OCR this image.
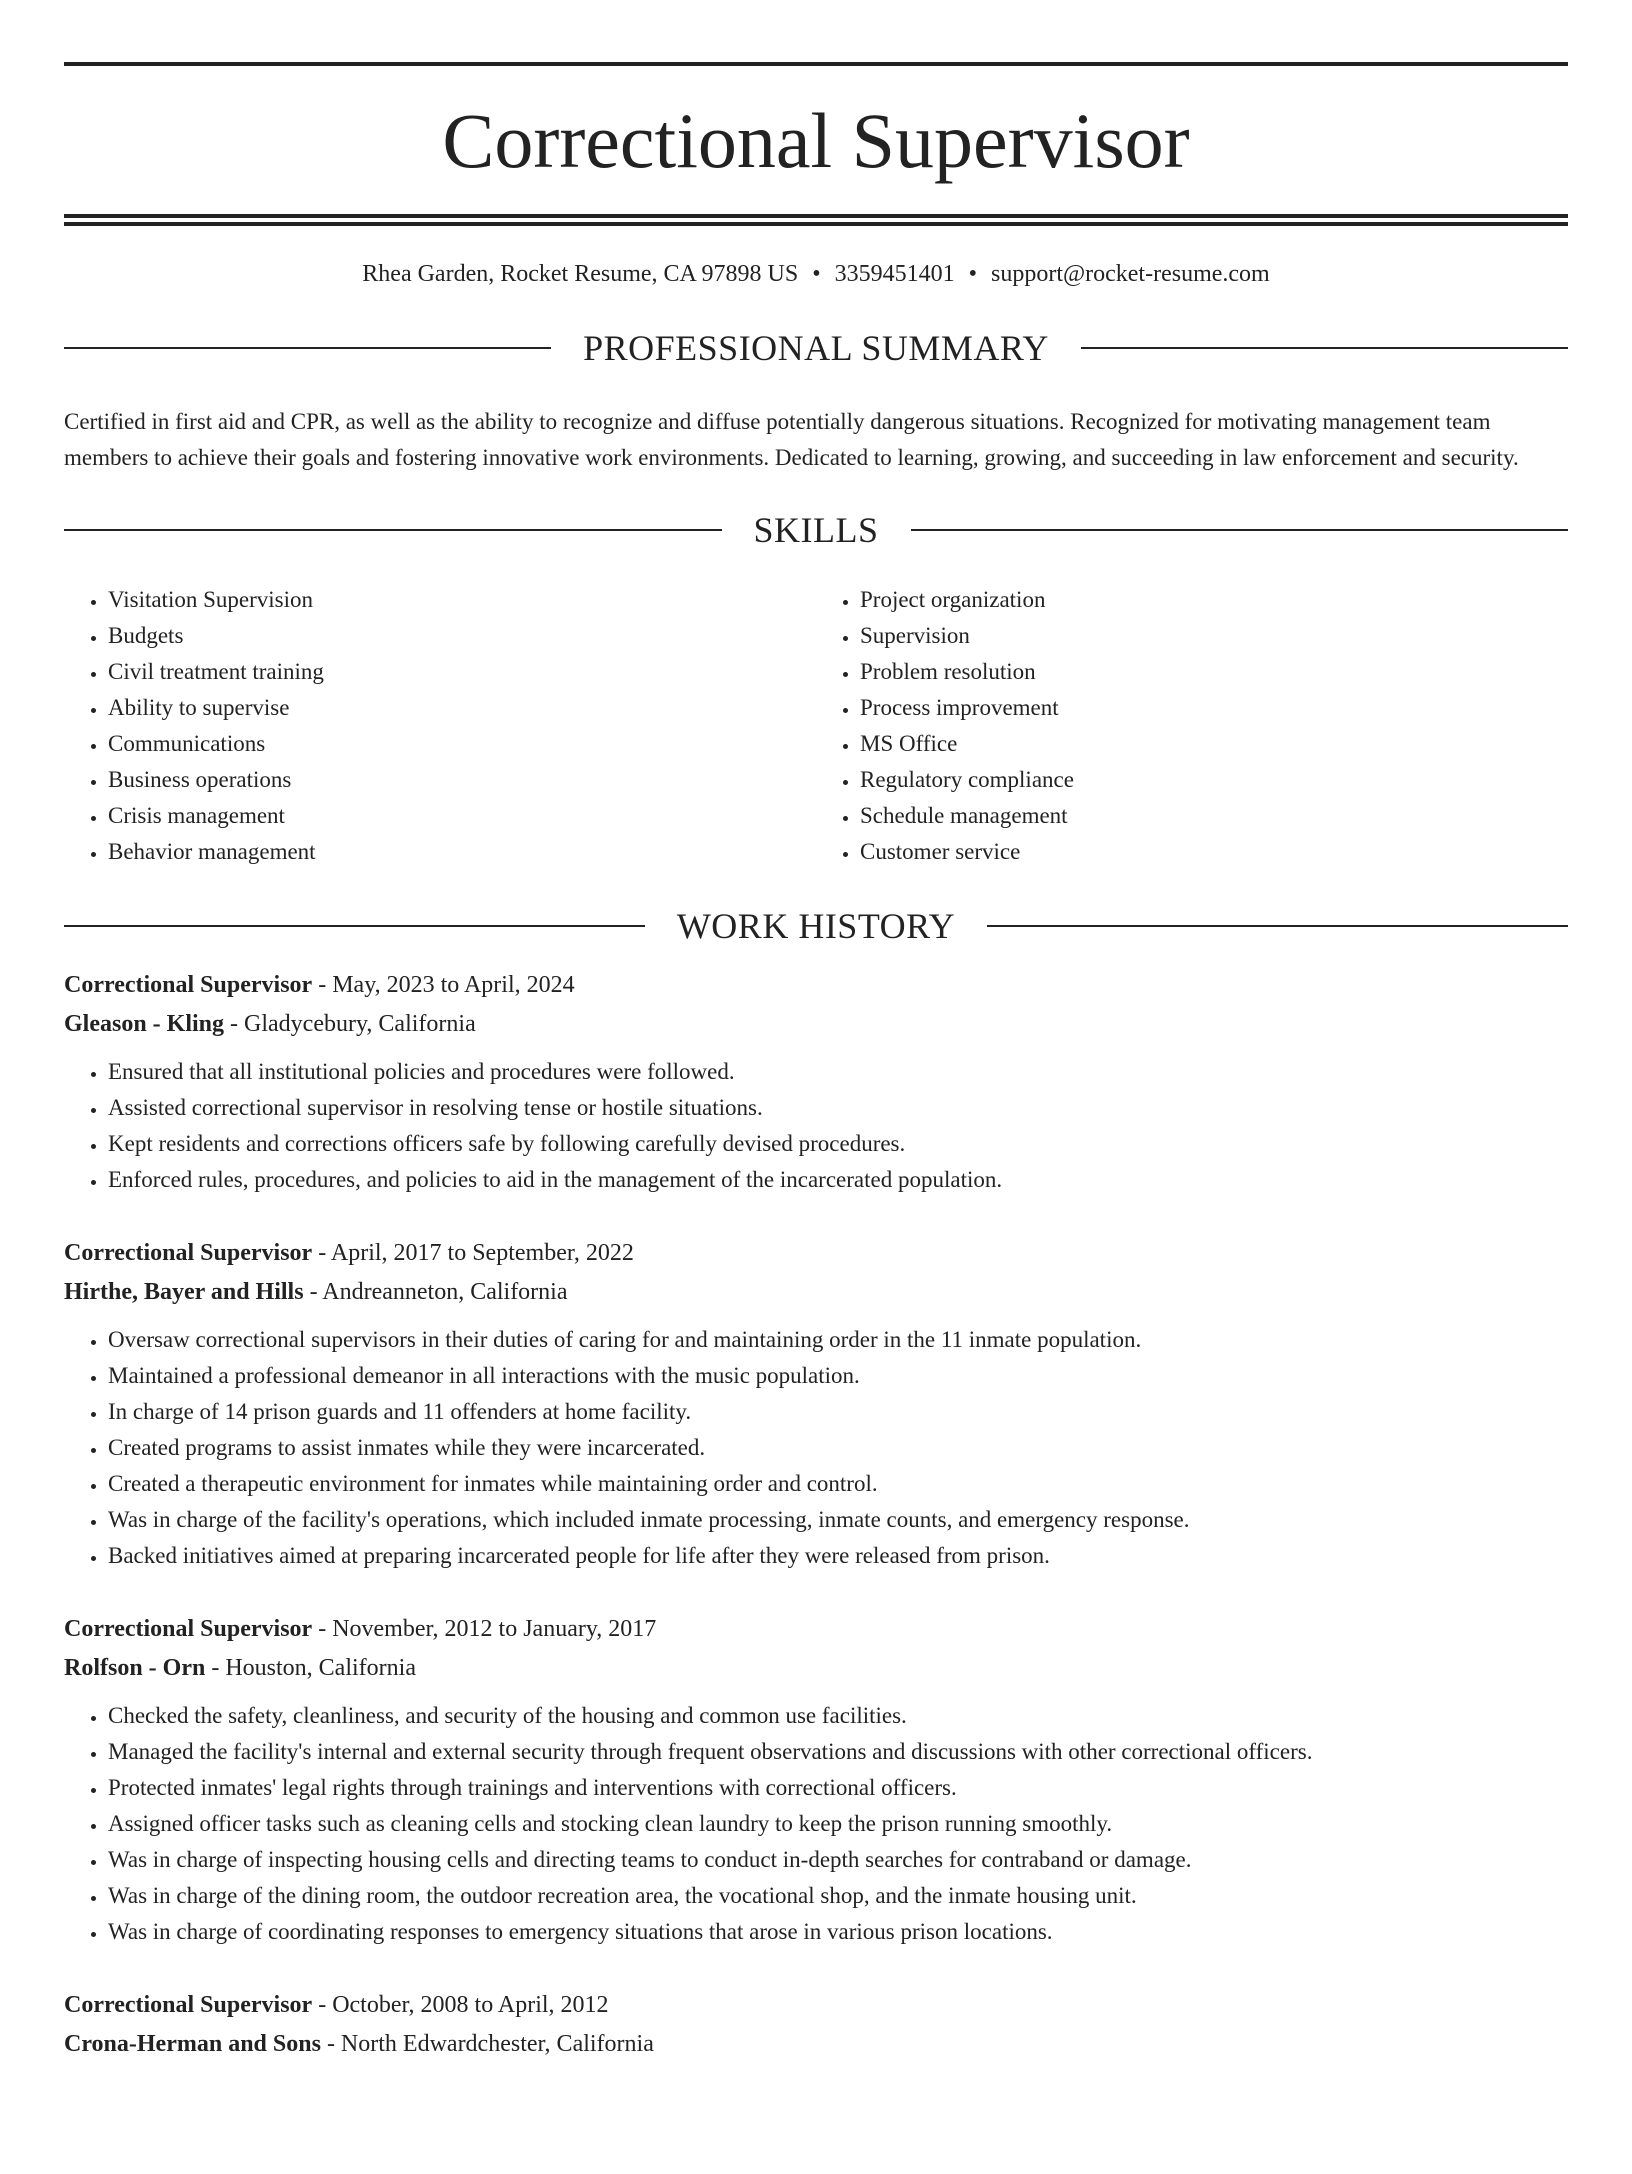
Correctional Supervisor
Rhea Garden, Rocket Resume, CA 97898 US • 3359451401 • support@rocket-resume.com
PROFESSIONAL SUMMARY
Certified in first aid and CPR, as well as the ability to recognize and diffuse potentially dangerous situations. Recognized for motivating management team members to achieve their goals and fostering innovative work environments. Dedicated to learning, growing, and succeeding in law enforcement and security.
SKILLS
• Visitation Supervision
• Budgets
• Civil treatment training
• Ability to supervise
• Communications
• Business operations
• Crisis management
• Behavior management
• Project organization
• Supervision
• Problem resolution
• Process improvement
• MS Office
• Regulatory compliance
• Schedule management
• Customer service
WORK HISTORY
Correctional Supervisor - May, 2023 to April, 2024
Gleason - Kling - Gladycebury, California
• Ensured that all institutional policies and procedures were followed.
• Assisted correctional supervisor in resolving tense or hostile situations.
• Kept residents and corrections officers safe by following carefully devised procedures.
• Enforced rules, procedures, and policies to aid in the management of the incarcerated population.
Correctional Supervisor - April, 2017 to September, 2022
Hirthe, Bayer and Hills - Andreanneton, California
• Oversaw correctional supervisors in their duties of caring for and maintaining order in the 11 inmate population.
• Maintained a professional demeanor in all interactions with the music population.
• In charge of 14 prison guards and 11 offenders at home facility.
• Created programs to assist inmates while they were incarcerated.
• Created a therapeutic environment for inmates while maintaining order and control.
• Was in charge of the facility's operations, which included inmate processing, inmate counts, and emergency response.
• Backed initiatives aimed at preparing incarcerated people for life after they were released from prison.
Correctional Supervisor - November, 2012 to January, 2017
Rolfson - Orn - Houston, California
• Checked the safety, cleanliness, and security of the housing and common use facilities.
• Managed the facility's internal and external security through frequent observations and discussions with other correctional officers.
• Protected inmates' legal rights through trainings and interventions with correctional officers.
• Assigned officer tasks such as cleaning cells and stocking clean laundry to keep the prison running smoothly.
• Was in charge of inspecting housing cells and directing teams to conduct in-depth searches for contraband or damage.
• Was in charge of the dining room, the outdoor recreation area, the vocational shop, and the inmate housing unit.
• Was in charge of coordinating responses to emergency situations that arose in various prison locations.
Correctional Supervisor - October, 2008 to April, 2012
Crona-Herman and Sons - North Edwardchester, California
